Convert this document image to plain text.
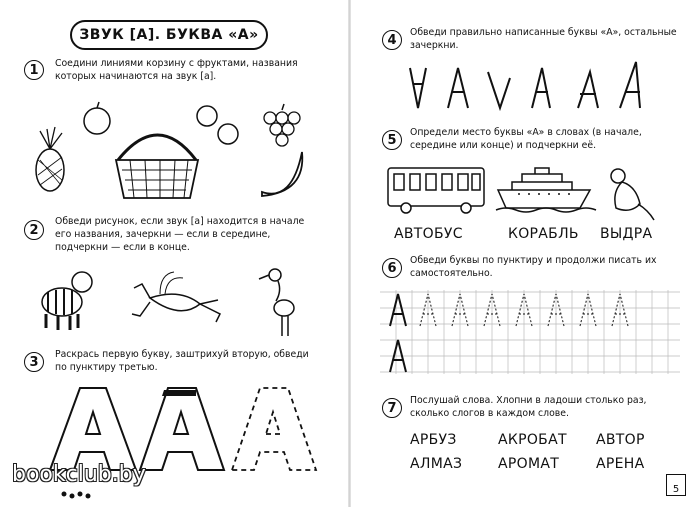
ЗВУК [А]. БУКВА «А»
1	Соедини линиями корзину с фруктами, названия которых начинаются на звук [а].
2
Обведи рисунок, если звук [а] находится в начале его названия, зачеркни — если в середине, подчеркни — если в конце.
3	Раскрась первую букву, заштрихуй вторую, обведи по пунктиру третью.
bookclub.by
4	Обведи правильно написанные буквы «А», остальные зачеркни.
5	Определи место буквы «А» в словах (в начале, середине или конце) и подчеркни её.
АВТОБУС	КОРАБЛЬ ВЫДРА
6	Обведи буквы по пунктиру и продолжи писать их самостоятельно.
7	Послушай слова. Хлопни в ладоши столько раз, сколько слогов в каждом слове.
АРБУЗ	АКРОБАТ АВТОР
АЛМАЗ	АРОМАТ	АРЕНА
5
